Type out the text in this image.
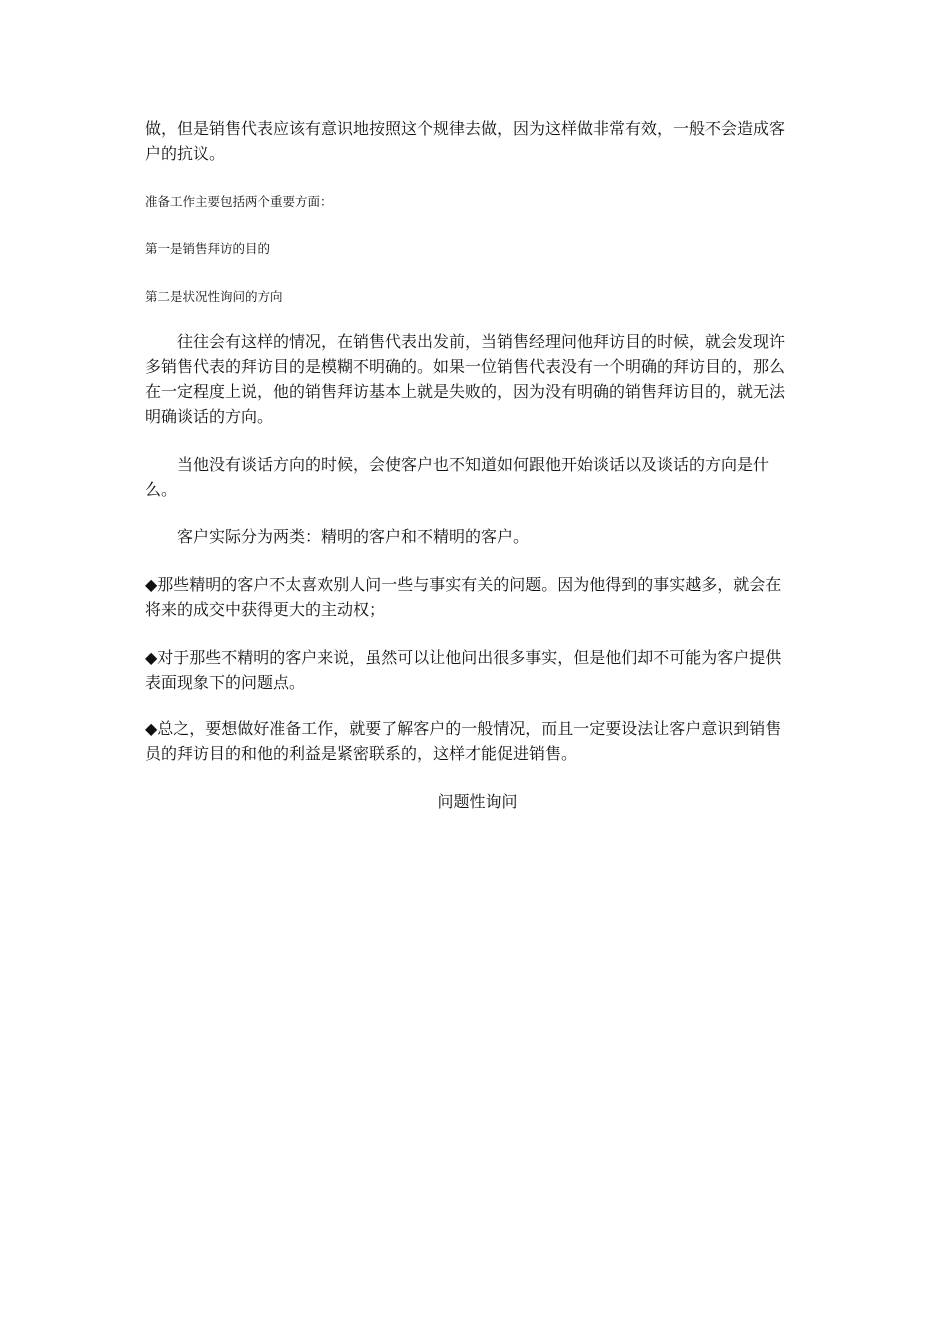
做，但是销售代表应该有意识地按照这个规律去做，因为这样做非常有效，一般不会造成客
户的抗议。

准备工作主要包括两个重要方面：

第一是销售拜访的目的

第二是状况性询问的方向

　　往往会有这样的情况，在销售代表出发前，当销售经理问他拜访目的时候，就会发现许
多销售代表的拜访目的是模糊不明确的。如果一位销售代表没有一个明确的拜访目的，那么
在一定程度上说，他的销售拜访基本上就是失败的，因为没有明确的销售拜访目的，就无法
明确谈话的方向。

　　当他没有谈话方向的时候，会使客户也不知道如何跟他开始谈话以及谈话的方向是什
么。

　　客户实际分为两类：精明的客户和不精明的客户。

◆那些精明的客户不太喜欢别人问一些与事实有关的问题。因为他得到的事实越多，就会在
将来的成交中获得更大的主动权；

◆对于那些不精明的客户来说，虽然可以让他问出很多事实，但是他们却不可能为客户提供
表面现象下的问题点。

◆总之，要想做好准备工作，就要了解客户的一般情况，而且一定要设法让客户意识到销售
员的拜访目的和他的利益是紧密联系的，这样才能促进销售。

问题性询问
